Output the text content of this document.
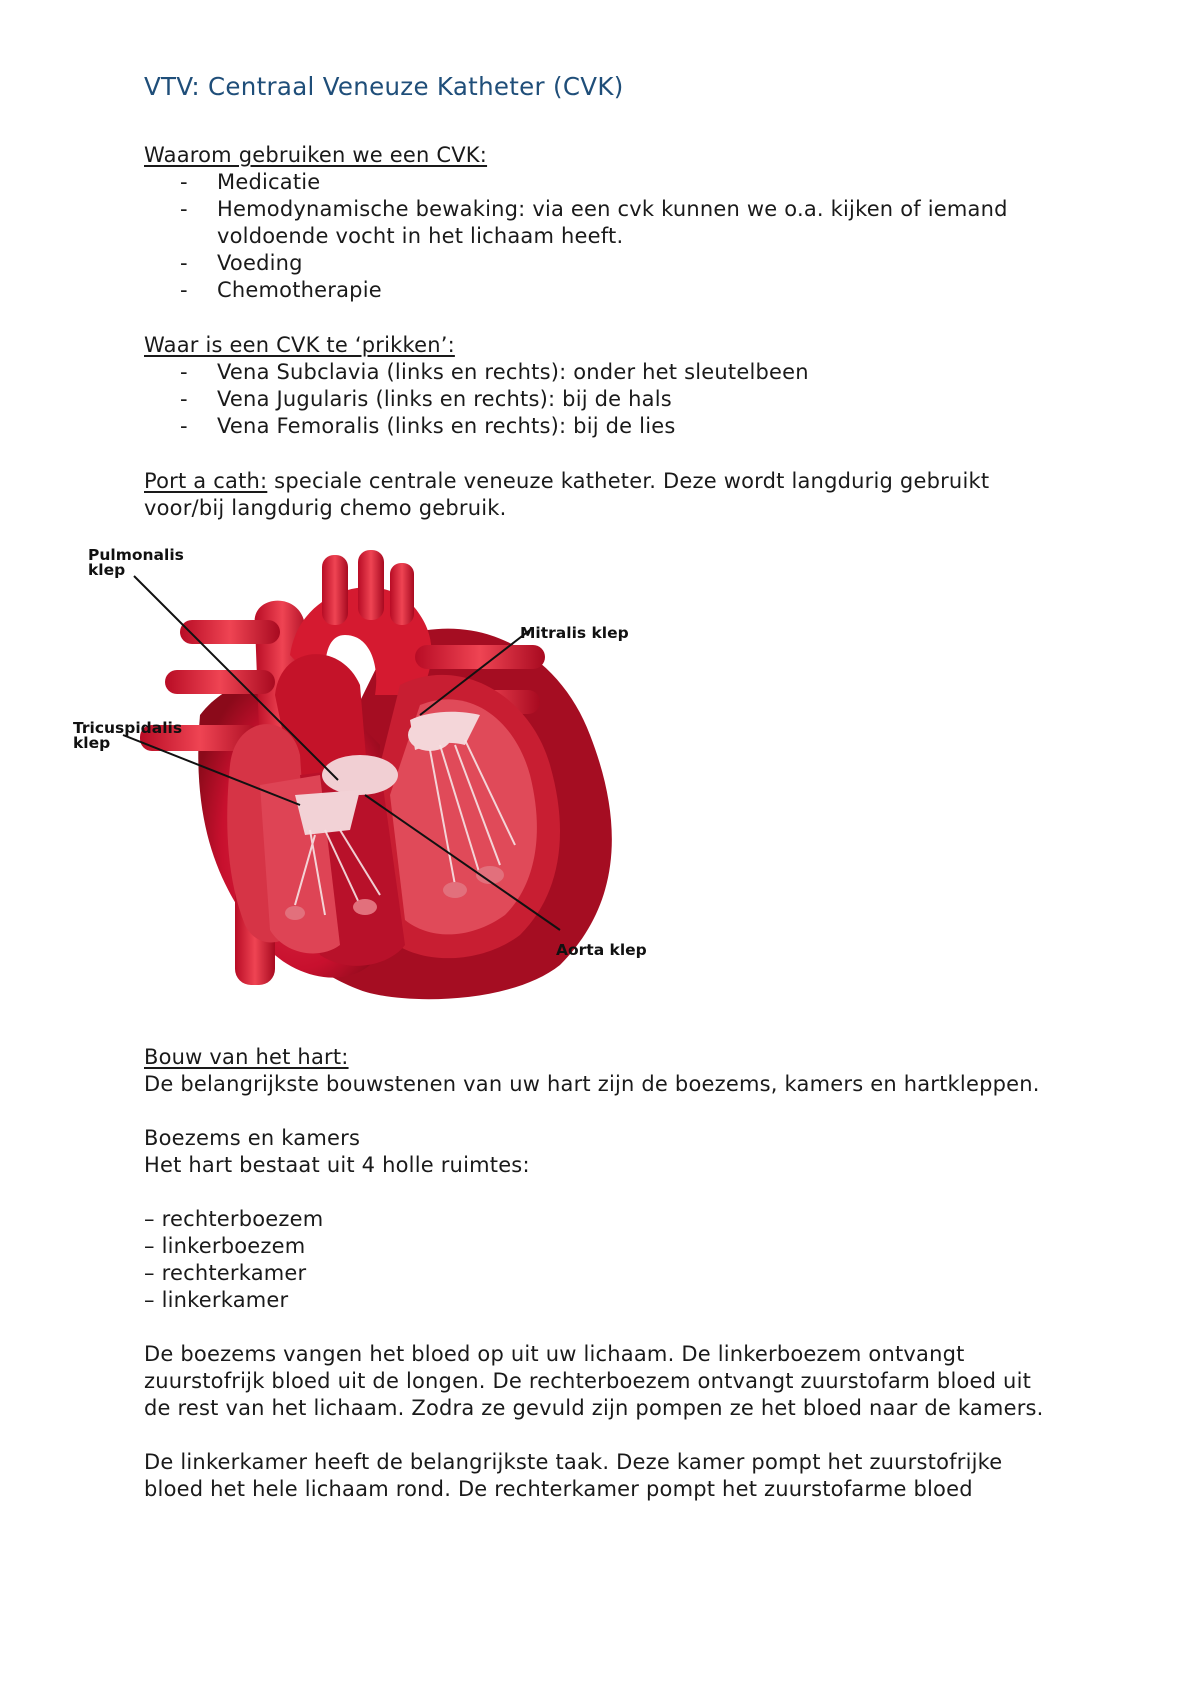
VTV: Centraal Veneuze Katheter (CVK)

Waarom gebruiken we een CVK:

- Medicatie
- Hemodynamische bewaking: via een cvk kunnen we o.a. kijken of iemand voldoende vocht in het lichaam heeft.
- Voeding
- Chemotherapie

Waar is een CVK te ‘prikken’:

- Vena Subclavia (links en rechts): onder het sleutelbeen
- Vena Jugularis (links en rechts): bij de hals
- Vena Femoralis (links en rechts): bij de lies

Port a cath: speciale centrale veneuze katheter. Deze wordt langdurig gebruikt voor/bij langdurig chemo gebruik.

Pulmonalis
klep
Mitralis klep
Tricuspidalis
klep
Aorta klep

Bouw van het hart:

De belangrijkste bouwstenen van uw hart zijn de boezems, kamers en hartkleppen.

Boezems en kamers

Het hart bestaat uit 4 holle ruimtes:

– rechterboezem

– linkerboezem

– rechterkamer

– linkerkamer

De boezems vangen het bloed op uit uw lichaam. De linkerboezem ontvangt zuurstofrijk bloed uit de longen. De rechterboezem ontvangt zuurstofarm bloed uit de rest van het lichaam. Zodra ze gevuld zijn pompen ze het bloed naar de kamers.

De linkerkamer heeft de belangrijkste taak. Deze kamer pompt het zuurstofrijke bloed het hele lichaam rond. De rechterkamer pompt het zuurstofarme bloed
